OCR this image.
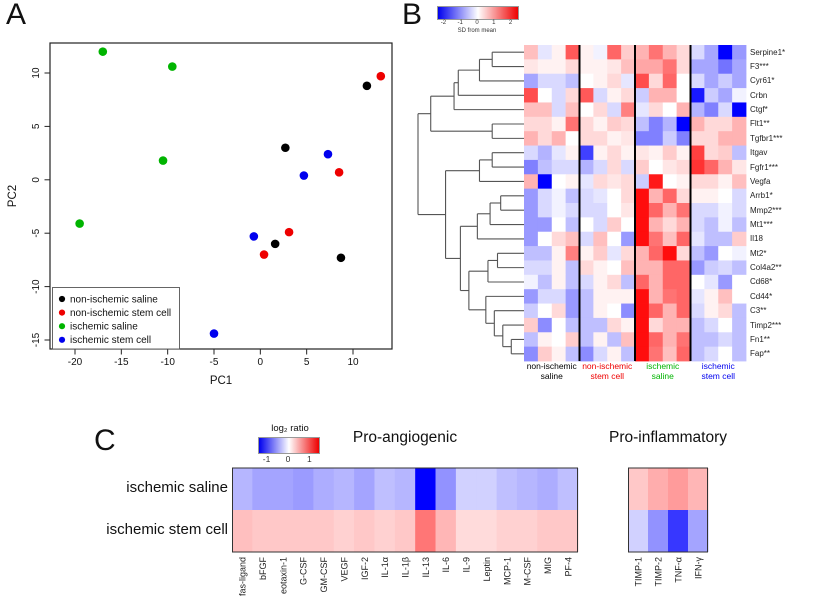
A
-20	-15	-10	-5	0	5	10
-15
-10
-5
0
5
10
non-ischemic saline
non-ischemic stem cell
ischemic saline
ischemic stem cell
PC1
PC2
B	-2 -1 0 1 2
SD from mean
Serpine1*
F3***
Cyr61*
Crbn
Ctgf*
Flt1**
Tgfbr1***
Itgav
Fgfr1***
Vegfa
Arrb1*
Mmp2***
Mt1***
Il18
Mt2*
Col4a2**
Cd68*
Cd44*
C3**
Timp2***
Fn1**
Fap**
non-ischemic
saline
non-ischemic
stem cell
ischemic
saline
ischemic
stem cell
C	log₂ ratio
-1 0 1
Pro-angiogenic	Pro-inflammatory
ischemic saline
ischemic stem cell
fas-ligand bFGF eotaxin-1 G-CSF GM-CSF VEGF IGF-2 IL-1α IL-1β IL-13 IL-6 IL-9 Leptin MCP-1 M-CSF MIG PF-4	TIMP-1 TIMP-2 TNF-α IFN-γ
